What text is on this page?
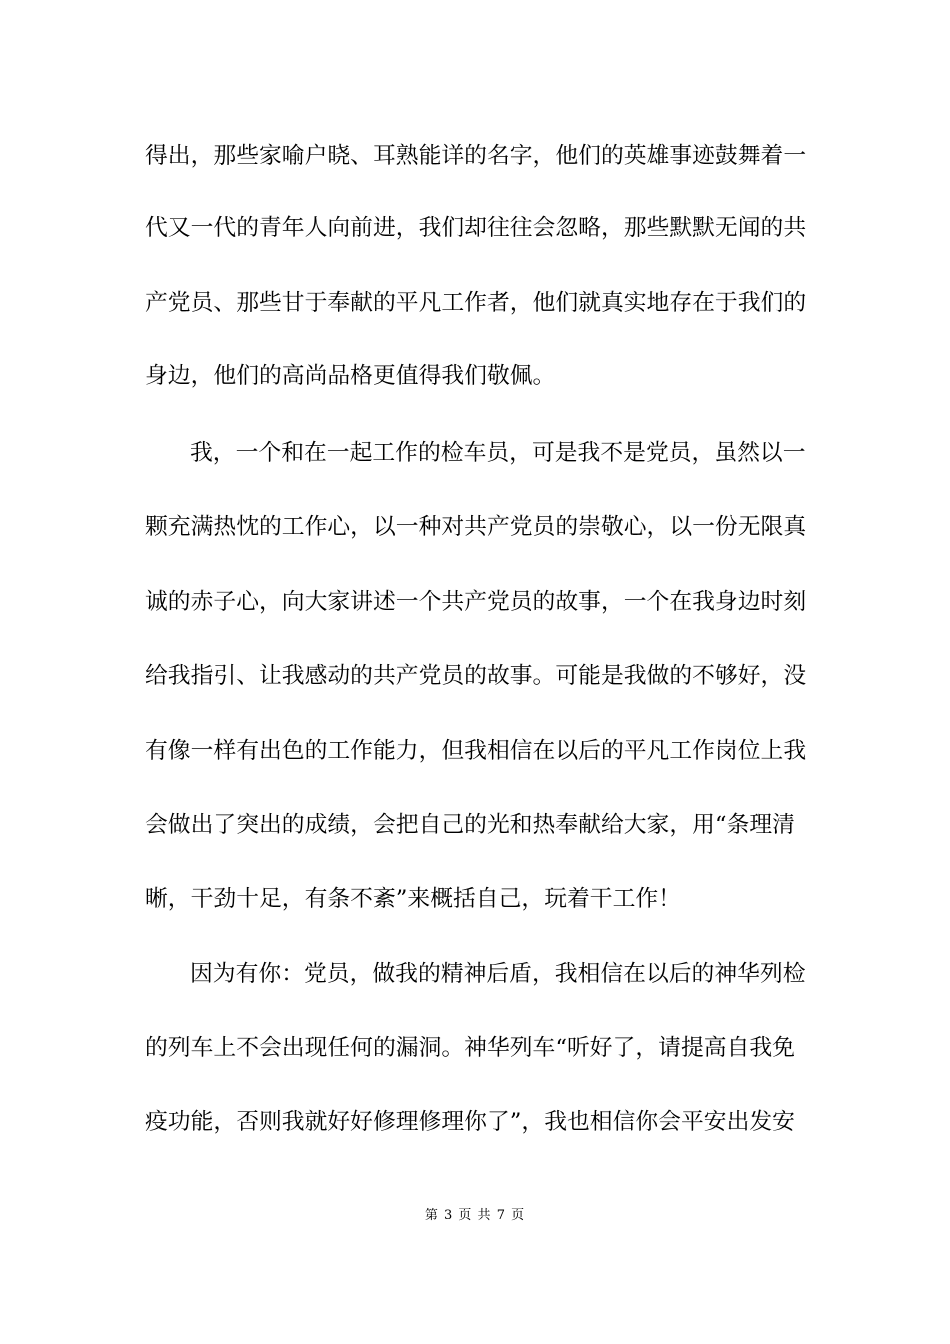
得出，那些家喻户晓、耳熟能详的名字，他们的英雄事迹鼓舞着一
代又一代的青年人向前进，我们却往往会忽略，那些默默无闻的共
产党员、那些甘于奉献的平凡工作者，他们就真实地存在于我们的
身边，他们的高尚品格更值得我们敬佩。
我，一个和在一起工作的检车员，可是我不是党员，虽然以一
颗充满热忱的工作心，以一种对共产党员的崇敬心，以一份无限真
诚的赤子心，向大家讲述一个共产党员的故事，一个在我身边时刻
给我指引、让我感动的共产党员的故事。可能是我做的不够好，没
有像一样有出色的工作能力，但我相信在以后的平凡工作岗位上我
会做出了突出的成绩，会把自己的光和热奉献给大家，用“条理清
晰，干劲十足，有条不紊”来概括自己，玩着干工作！
因为有你：党员，做我的精神后盾，我相信在以后的神华列检
的列车上不会出现任何的漏洞。神华列车“听好了，请提高自我免
疫功能，否则我就好好修理修理你了”，我也相信你会平安出发安
第 3 页 共 7 页
